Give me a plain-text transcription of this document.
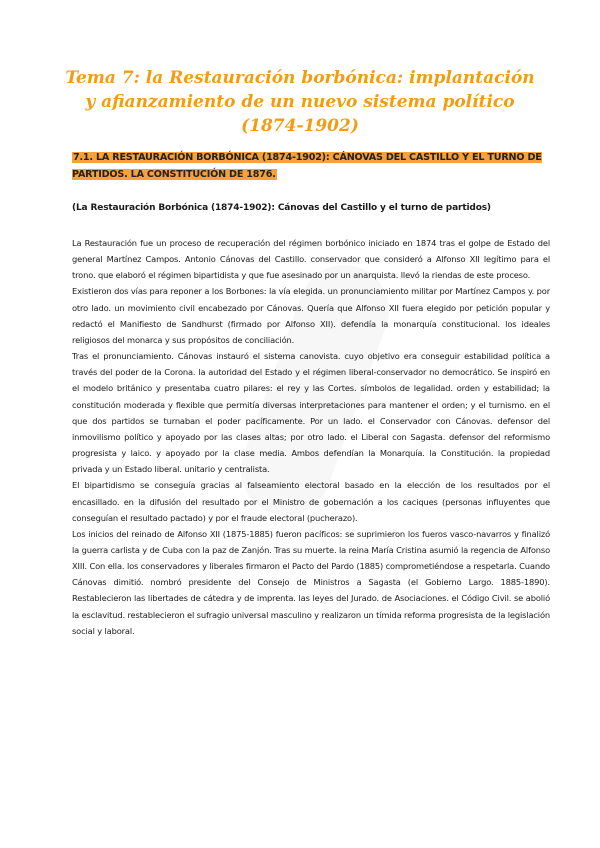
Tema 7: la Restauración borbónica: implantación y afianzamiento de un nuevo sistema político (1874-1902)
7.1. LA RESTAURACIÓN BORBÓNICA (1874-1902): CÁNOVAS DEL CASTILLO Y EL TURNO DE PARTIDOS. LA CONSTITUCIÓN DE 1876.
(La Restauración Borbónica (1874-1902): Cánovas del Castillo y el turno de partidos)

La Restauración fue un proceso de recuperación del régimen borbónico iniciado en 1874 tras el golpe de Estado del general Martínez Campos. Antonio Cánovas del Castillo. conservador que consideró a Alfonso XII legítimo para el trono. que elaboró el régimen bipartidista y que fue asesinado por un anarquista. llevó la riendas de este proceso.

Existieron dos vías para reponer a los Borbones: la vía elegida. un pronunciamiento militar por Martínez Campos y. por otro lado. un movimiento civil encabezado por Cánovas. Quería que Alfonso XII fuera elegido por petición popular y redactó el Manifiesto de Sandhurst (firmado por Alfonso XII). defendía la monarquía constitucional. los ideales religiosos del monarca y sus propósitos de conciliación.

Tras el pronunciamiento. Cánovas instauró el sistema canovista. cuyo objetivo era conseguir estabilidad política a través del poder de la Corona. la autoridad del Estado y el régimen liberal-conservador no democrático. Se inspiró en el modelo británico y presentaba cuatro pilares: el rey y las Cortes. símbolos de legalidad. orden y estabilidad; la constitución moderada y flexible que permitía diversas interpretaciones para mantener el orden; y el turnismo. en el que dos partidos se turnaban el poder pacíficamente. Por un lado. el Conservador con Cánovas. defensor del inmovilismo político y apoyado por las clases altas; por otro lado. el Liberal con Sagasta. defensor del reformismo progresista y laico. y apoyado por la clase media. Ambos defendían la Monarquía. la Constitución. la propiedad privada y un Estado liberal. unitario y centralista.

El bipartidismo se conseguía gracias al falseamiento electoral basado en la elección de los resultados por el encasillado. en la difusión del resultado por el Ministro de gobernación a los caciques (personas influyentes que conseguían el resultado pactado) y por el fraude electoral (pucherazo).

Los inicios del reinado de Alfonso XII (1875-1885) fueron pacíficos: se suprimieron los fueros vasco-navarros y finalizó la guerra carlista y de Cuba con la paz de Zanjón. Tras su muerte. la reina María Cristina asumió la regencia de Alfonso XIII. Con ella. los conservadores y liberales firmaron el Pacto del Pardo (1885) comprometiéndose a respetarla. Cuando Cánovas dimitió. nombró presidente del Consejo de Ministros a Sagasta (el Gobierno Largo. 1885-1890). Restablecieron las libertades de cátedra y de imprenta. las leyes del Jurado. de Asociaciones. el Código Civil. se abolió la esclavitud. restablecieron el sufragio universal masculino y realizaron un tímida reforma progresista de la legislación social y laboral.
